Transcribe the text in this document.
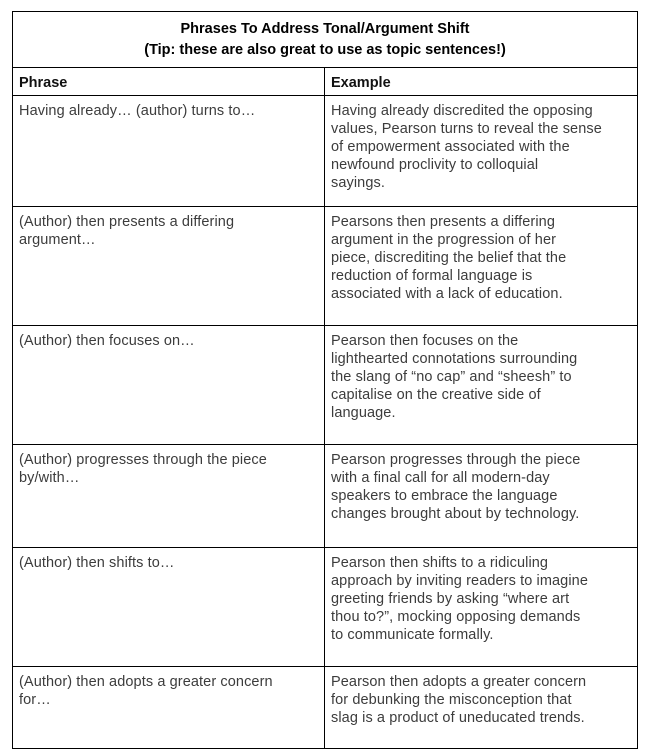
Phrases To Address Tonal/Argument Shift
(Tip: these are also great to use as topic sentences!)	

Phrase	Example

Having already… (author) turns to…	Having already discredited the opposing
values, Pearson turns to reveal the sense
of empowerment associated with the
newfound proclivity to colloquial
sayings.

(Author) then presents a differing
argument…	Pearsons then presents a differing
argument in the progression of her
piece, discrediting the belief that the
reduction of formal language is
associated with a lack of education.

(Author) then focuses on…	Pearson then focuses on the
lighthearted connotations surrounding
the slang of “no cap” and “sheesh” to
capitalise on the creative side of
language.

(Author) progresses through the piece
by/with…	Pearson progresses through the piece
with a final call for all modern-day
speakers to embrace the language
changes brought about by technology.

(Author) then shifts to…	Pearson then shifts to a ridiculing
approach by inviting readers to imagine
greeting friends by asking “where art
thou to?”, mocking opposing demands
to communicate formally.

(Author) then adopts a greater concern
for…	Pearson then adopts a greater concern
for debunking the misconception that
slag is a product of uneducated trends.
